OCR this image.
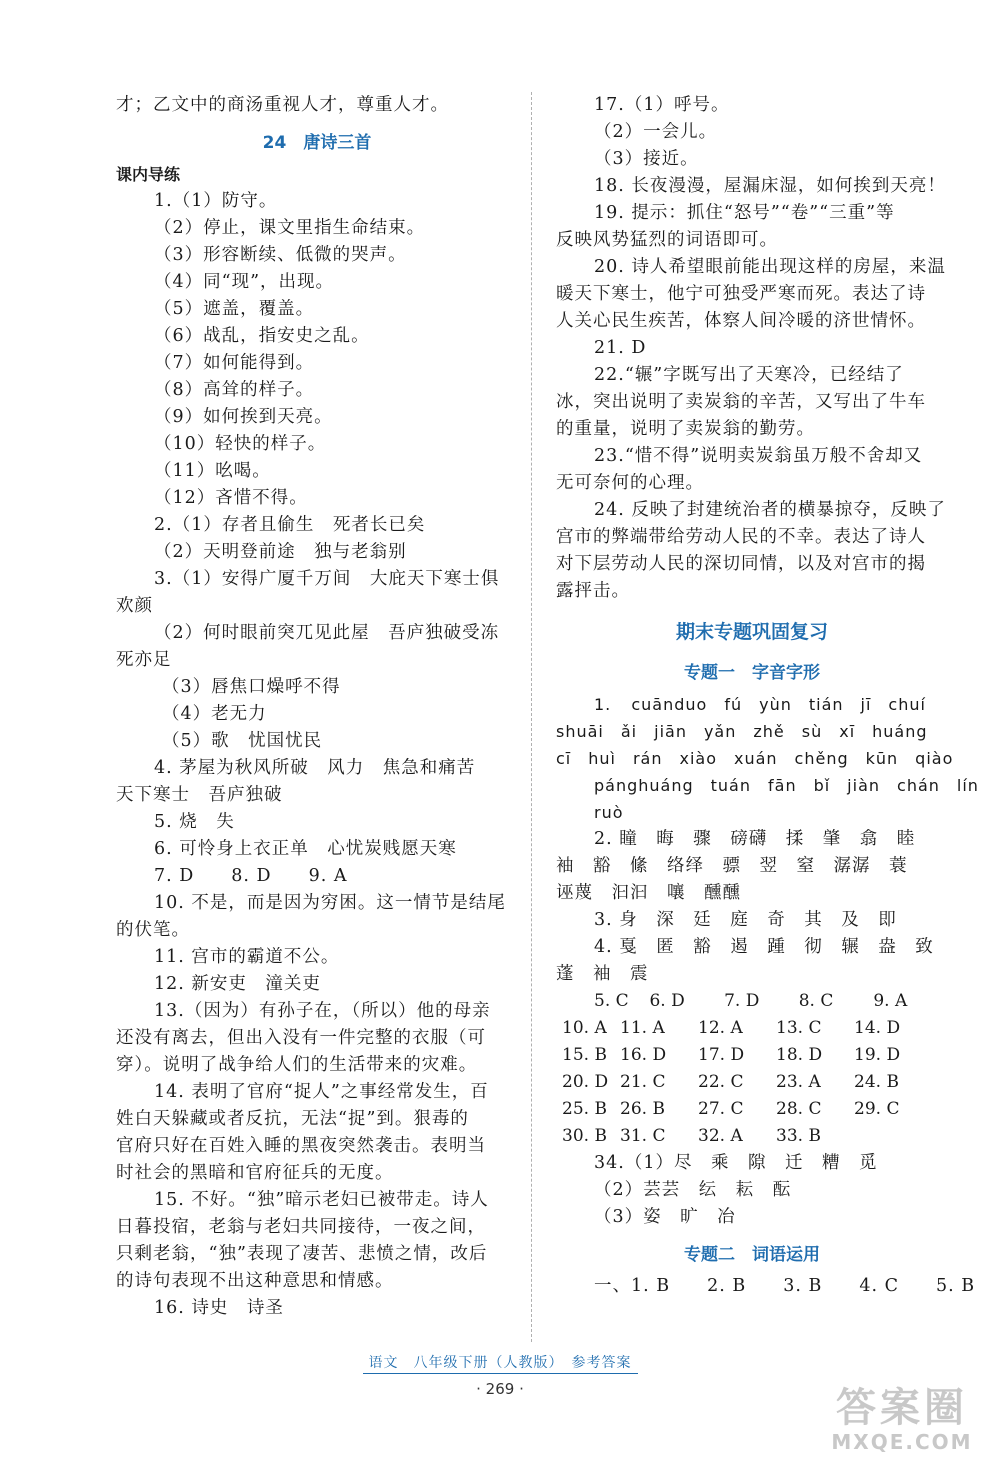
才；乙文中的商汤重视人才，尊重人才。
24　唐诗三首
课内导练
1.（1）防守。
（2）停止，课文里指生命结束。
（3）形容断续、低微的哭声。
（4）同“现”，出现。
（5）遮盖，覆盖。
（6）战乱，指安史之乱。
（7）如何能得到。
（8）高耸的样子。
（9）如何挨到天亮。
（10）轻快的样子。
（11）吆喝。
（12）吝惜不得。
2.（1）存者且偷生　死者长已矣
（2）天明登前途　独与老翁别
3.（1）安得广厦千万间　大庇天下寒士俱
欢颜
（2）何时眼前突兀见此屋　吾庐独破受冻
死亦足
（3）唇焦口燥呼不得
（4）老无力
（5）歌　忧国忧民
4. 茅屋为秋风所破　风力　焦急和痛苦
天下寒士　吾庐独破
5. 烧　失
6. 可怜身上衣正单　心忧炭贱愿天寒
7. D　　8. D　　9. A
10. 不是，而是因为穷困。这一情节是结尾
的伏笔。
11. 宫市的霸道不公。
12. 新安吏　潼关吏
13.（因为）有孙子在，（所以）他的母亲
还没有离去，但出入没有一件完整的衣服（可
穿）。说明了战争给人们的生活带来的灾难。
14. 表明了官府“捉人”之事经常发生，百
姓白天躲藏或者反抗，无法“捉”到。狠毒的
官府只好在百姓入睡的黑夜突然袭击。表明当
时社会的黑暗和官府征兵的无度。
15. 不好。“独”暗示老妇已被带走。诗人
日暮投宿，老翁与老妇共同接待，一夜之间，
只剩老翁，“独”表现了凄苦、悲愤之情，改后
的诗句表现不出这种意思和情感。
16. 诗史　诗圣
17.（1）呼号。
（2）一会儿。
（3）接近。
18. 长夜漫漫，屋漏床湿，如何挨到天亮！
19. 提示：抓住“怒号”“卷”“三重”等
反映风势猛烈的词语即可。
20. 诗人希望眼前能出现这样的房屋，来温
暖天下寒士，他宁可独受严寒而死。表达了诗
人关心民生疾苦，体察人间冷暖的济世情怀。
21. D
22.“辗”字既写出了天寒冷，已经结了
冰，突出说明了卖炭翁的辛苦，又写出了牛车
的重量，说明了卖炭翁的勤劳。
23.“惜不得”说明卖炭翁虽万般不舍却又
无可奈何的心理。
24. 反映了封建统治者的横暴掠夺，反映了
宫市的弊端带给劳动人民的不幸。表达了诗人
对下层劳动人民的深切同情，以及对宫市的揭
露抨击。
期末专题巩固复习
专题一　字音字形
1. cuānduo　fú　yùn　tián　jī　chuí
shuāi　ǎi　jiān　yǎn　zhě　sù　xī　huáng
cī　huì　rán　xiào　xuán　chěng　kūn　qiào
pánghuáng　tuán　fān　bǐ　jiàn　chán　lín
ruò
2. 瞳　晦　骤　磅礴　揉　肇　翕　睦
袖　豁　絛　络绎　骠　翌　窒　潺潺　蓑
诬蔑　汩汩　嚷　醺醺
3. 身　深　廷　庭　奇　其　及　即
4. 戛　匿　豁　遏　踵　彻　辗　盎　致
蓬　袖　震
5. C	6. D	7. D	8. C	9. A
10. A 11. A	12. A	13. C	14. D
15. B 16. D	17. D	18. D	19. D
20. D 21. C	22. C	23. A	24. B
25. B 26. B	27. C	28. C	29. C
30. B 31. C	32. A	33. B
34.（1）尽　乘　隙　迁　糟　觅
（2）芸芸　纭　耘　酝
（3）姿　旷　冶
专题二　词语运用
一、1. B　　2. B　　3. B　　4. C　　5. B
语文　八年级下册（人教版）　参考答案
· 269 ·	答案圈
MXQE.COM
